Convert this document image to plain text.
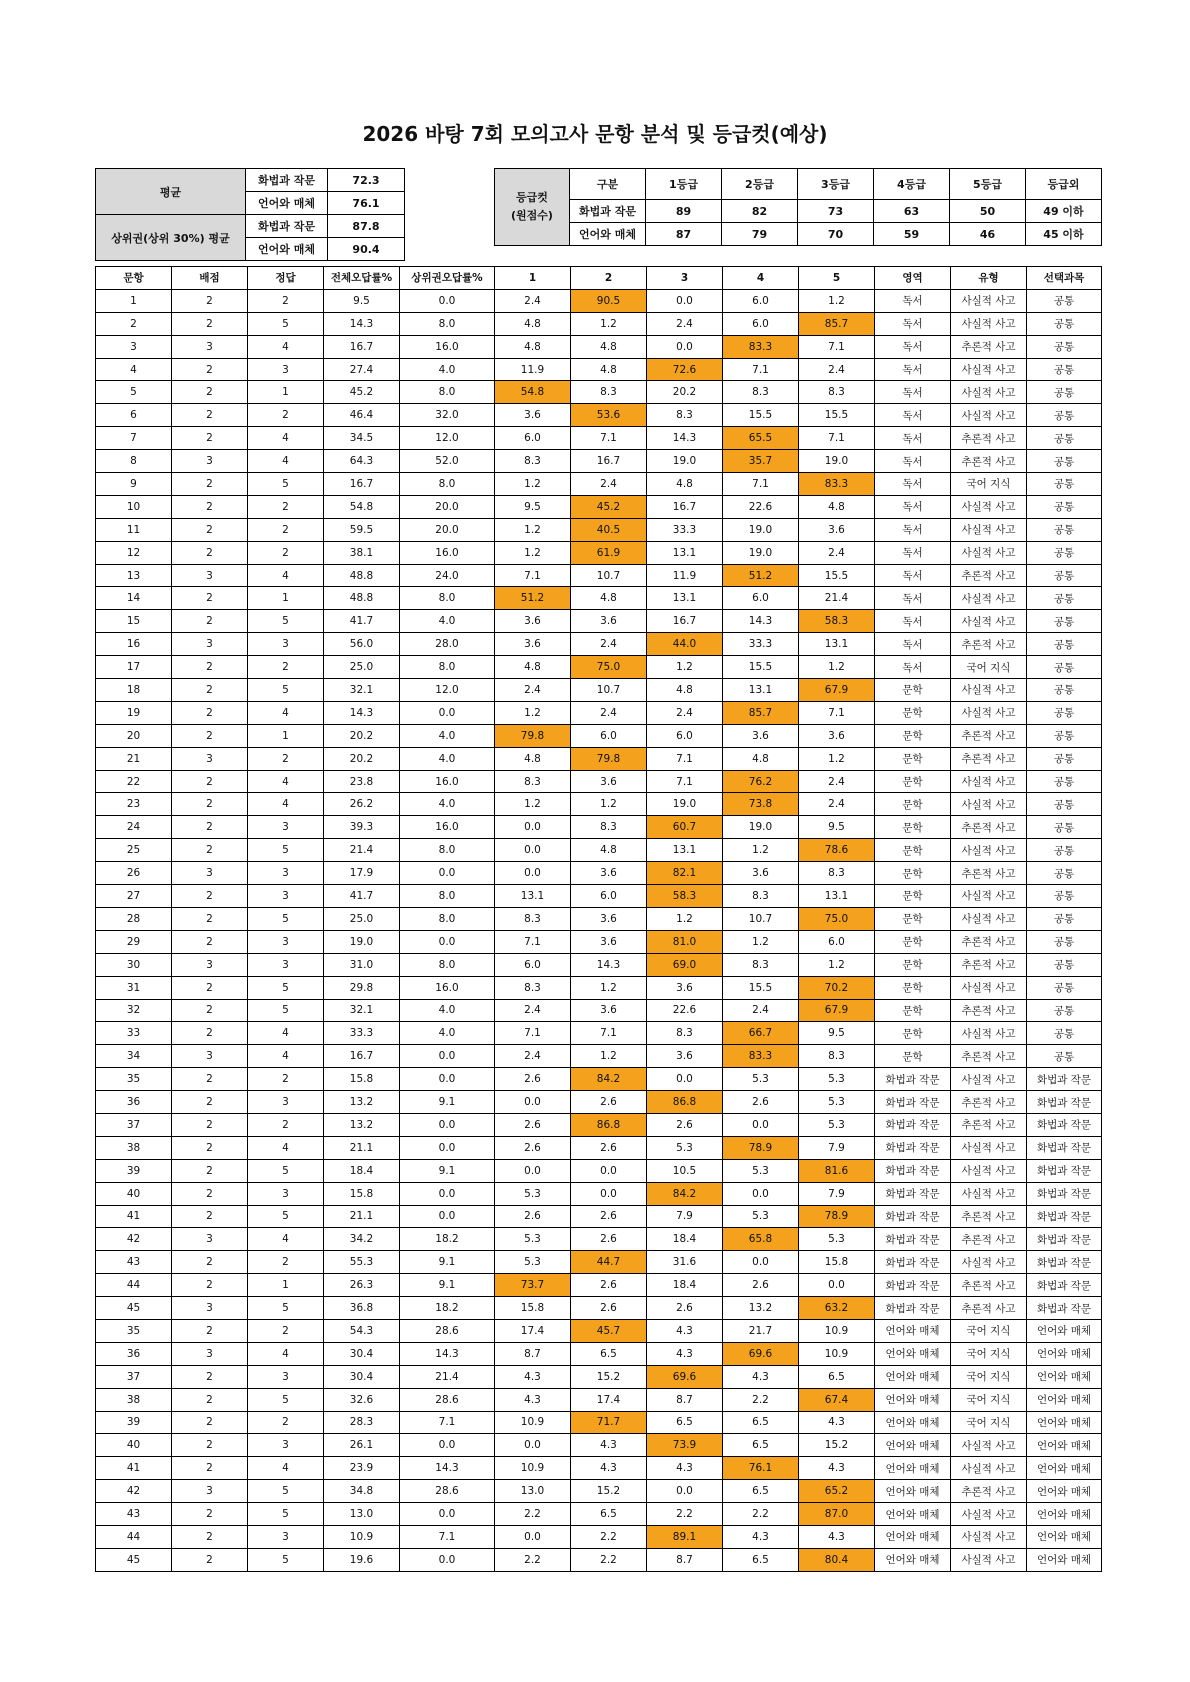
2026 바탕 7회 모의고사 문항 분석 및 등급컷(예상)
평균	화법과 작문	72.3
	언어와 매체	76.1
상위권(상위 30%) 평균	화법과 작문	87.8
	언어와 매체	90.4
등급컷
(원점수)	구분	1등급	2등급	3등급	4등급	5등급	등급외
	화법과 작문	89	82	73	63	50	49 이하
	언어와 매체	87	79	70	59	46	45 이하
문항	배점	정답	전체오답률%	상위권오답률%	1	2	3	4	5	영역	유형	선택과목
1	2	2	9.5	0.0	2.4	90.5	0.0	6.0	1.2	독서	사실적 사고	공통
2	2	5	14.3	8.0	4.8	1.2	2.4	6.0	85.7	독서	사실적 사고	공통
3	3	4	16.7	16.0	4.8	4.8	0.0	83.3	7.1	독서	추론적 사고	공통
4	2	3	27.4	4.0	11.9	4.8	72.6	7.1	2.4	독서	사실적 사고	공통
5	2	1	45.2	8.0	54.8	8.3	20.2	8.3	8.3	독서	사실적 사고	공통
6	2	2	46.4	32.0	3.6	53.6	8.3	15.5	15.5	독서	사실적 사고	공통
7	2	4	34.5	12.0	6.0	7.1	14.3	65.5	7.1	독서	추론적 사고	공통
8	3	4	64.3	52.0	8.3	16.7	19.0	35.7	19.0	독서	추론적 사고	공통
9	2	5	16.7	8.0	1.2	2.4	4.8	7.1	83.3	독서	국어 지식	공통
10	2	2	54.8	20.0	9.5	45.2	16.7	22.6	4.8	독서	사실적 사고	공통
11	2	2	59.5	20.0	1.2	40.5	33.3	19.0	3.6	독서	사실적 사고	공통
12	2	2	38.1	16.0	1.2	61.9	13.1	19.0	2.4	독서	사실적 사고	공통
13	3	4	48.8	24.0	7.1	10.7	11.9	51.2	15.5	독서	추론적 사고	공통
14	2	1	48.8	8.0	51.2	4.8	13.1	6.0	21.4	독서	사실적 사고	공통
15	2	5	41.7	4.0	3.6	3.6	16.7	14.3	58.3	독서	사실적 사고	공통
16	3	3	56.0	28.0	3.6	2.4	44.0	33.3	13.1	독서	추론적 사고	공통
17	2	2	25.0	8.0	4.8	75.0	1.2	15.5	1.2	독서	국어 지식	공통
18	2	5	32.1	12.0	2.4	10.7	4.8	13.1	67.9	문학	사실적 사고	공통
19	2	4	14.3	0.0	1.2	2.4	2.4	85.7	7.1	문학	사실적 사고	공통
20	2	1	20.2	4.0	79.8	6.0	6.0	3.6	3.6	문학	추론적 사고	공통
21	3	2	20.2	4.0	4.8	79.8	7.1	4.8	1.2	문학	추론적 사고	공통
22	2	4	23.8	16.0	8.3	3.6	7.1	76.2	2.4	문학	사실적 사고	공통
23	2	4	26.2	4.0	1.2	1.2	19.0	73.8	2.4	문학	사실적 사고	공통
24	2	3	39.3	16.0	0.0	8.3	60.7	19.0	9.5	문학	추론적 사고	공통
25	2	5	21.4	8.0	0.0	4.8	13.1	1.2	78.6	문학	사실적 사고	공통
26	3	3	17.9	0.0	0.0	3.6	82.1	3.6	8.3	문학	추론적 사고	공통
27	2	3	41.7	8.0	13.1	6.0	58.3	8.3	13.1	문학	사실적 사고	공통
28	2	5	25.0	8.0	8.3	3.6	1.2	10.7	75.0	문학	사실적 사고	공통
29	2	3	19.0	0.0	7.1	3.6	81.0	1.2	6.0	문학	추론적 사고	공통
30	3	3	31.0	8.0	6.0	14.3	69.0	8.3	1.2	문학	추론적 사고	공통
31	2	5	29.8	16.0	8.3	1.2	3.6	15.5	70.2	문학	사실적 사고	공통
32	2	5	32.1	4.0	2.4	3.6	22.6	2.4	67.9	문학	추론적 사고	공통
33	2	4	33.3	4.0	7.1	7.1	8.3	66.7	9.5	문학	사실적 사고	공통
34	3	4	16.7	0.0	2.4	1.2	3.6	83.3	8.3	문학	추론적 사고	공통
35	2	2	15.8	0.0	2.6	84.2	0.0	5.3	5.3	화법과 작문	사실적 사고	화법과 작문
36	2	3	13.2	9.1	0.0	2.6	86.8	2.6	5.3	화법과 작문	추론적 사고	화법과 작문
37	2	2	13.2	0.0	2.6	86.8	2.6	0.0	5.3	화법과 작문	추론적 사고	화법과 작문
38	2	4	21.1	0.0	2.6	2.6	5.3	78.9	7.9	화법과 작문	사실적 사고	화법과 작문
39	2	5	18.4	9.1	0.0	0.0	10.5	5.3	81.6	화법과 작문	사실적 사고	화법과 작문
40	2	3	15.8	0.0	5.3	0.0	84.2	0.0	7.9	화법과 작문	사실적 사고	화법과 작문
41	2	5	21.1	0.0	2.6	2.6	7.9	5.3	78.9	화법과 작문	추론적 사고	화법과 작문
42	3	4	34.2	18.2	5.3	2.6	18.4	65.8	5.3	화법과 작문	추론적 사고	화법과 작문
43	2	2	55.3	9.1	5.3	44.7	31.6	0.0	15.8	화법과 작문	사실적 사고	화법과 작문
44	2	1	26.3	9.1	73.7	2.6	18.4	2.6	0.0	화법과 작문	추론적 사고	화법과 작문
45	3	5	36.8	18.2	15.8	2.6	2.6	13.2	63.2	화법과 작문	추론적 사고	화법과 작문
35	2	2	54.3	28.6	17.4	45.7	4.3	21.7	10.9	언어와 매체	국어 지식	언어와 매체
36	3	4	30.4	14.3	8.7	6.5	4.3	69.6	10.9	언어와 매체	국어 지식	언어와 매체
37	2	3	30.4	21.4	4.3	15.2	69.6	4.3	6.5	언어와 매체	국어 지식	언어와 매체
38	2	5	32.6	28.6	4.3	17.4	8.7	2.2	67.4	언어와 매체	국어 지식	언어와 매체
39	2	2	28.3	7.1	10.9	71.7	6.5	6.5	4.3	언어와 매체	국어 지식	언어와 매체
40	2	3	26.1	0.0	0.0	4.3	73.9	6.5	15.2	언어와 매체	사실적 사고	언어와 매체
41	2	4	23.9	14.3	10.9	4.3	4.3	76.1	4.3	언어와 매체	사실적 사고	언어와 매체
42	3	5	34.8	28.6	13.0	15.2	0.0	6.5	65.2	언어와 매체	추론적 사고	언어와 매체
43	2	5	13.0	0.0	2.2	6.5	2.2	2.2	87.0	언어와 매체	사실적 사고	언어와 매체
44	2	3	10.9	7.1	0.0	2.2	89.1	4.3	4.3	언어와 매체	사실적 사고	언어와 매체
45	2	5	19.6	0.0	2.2	2.2	8.7	6.5	80.4	언어와 매체	사실적 사고	언어와 매체
